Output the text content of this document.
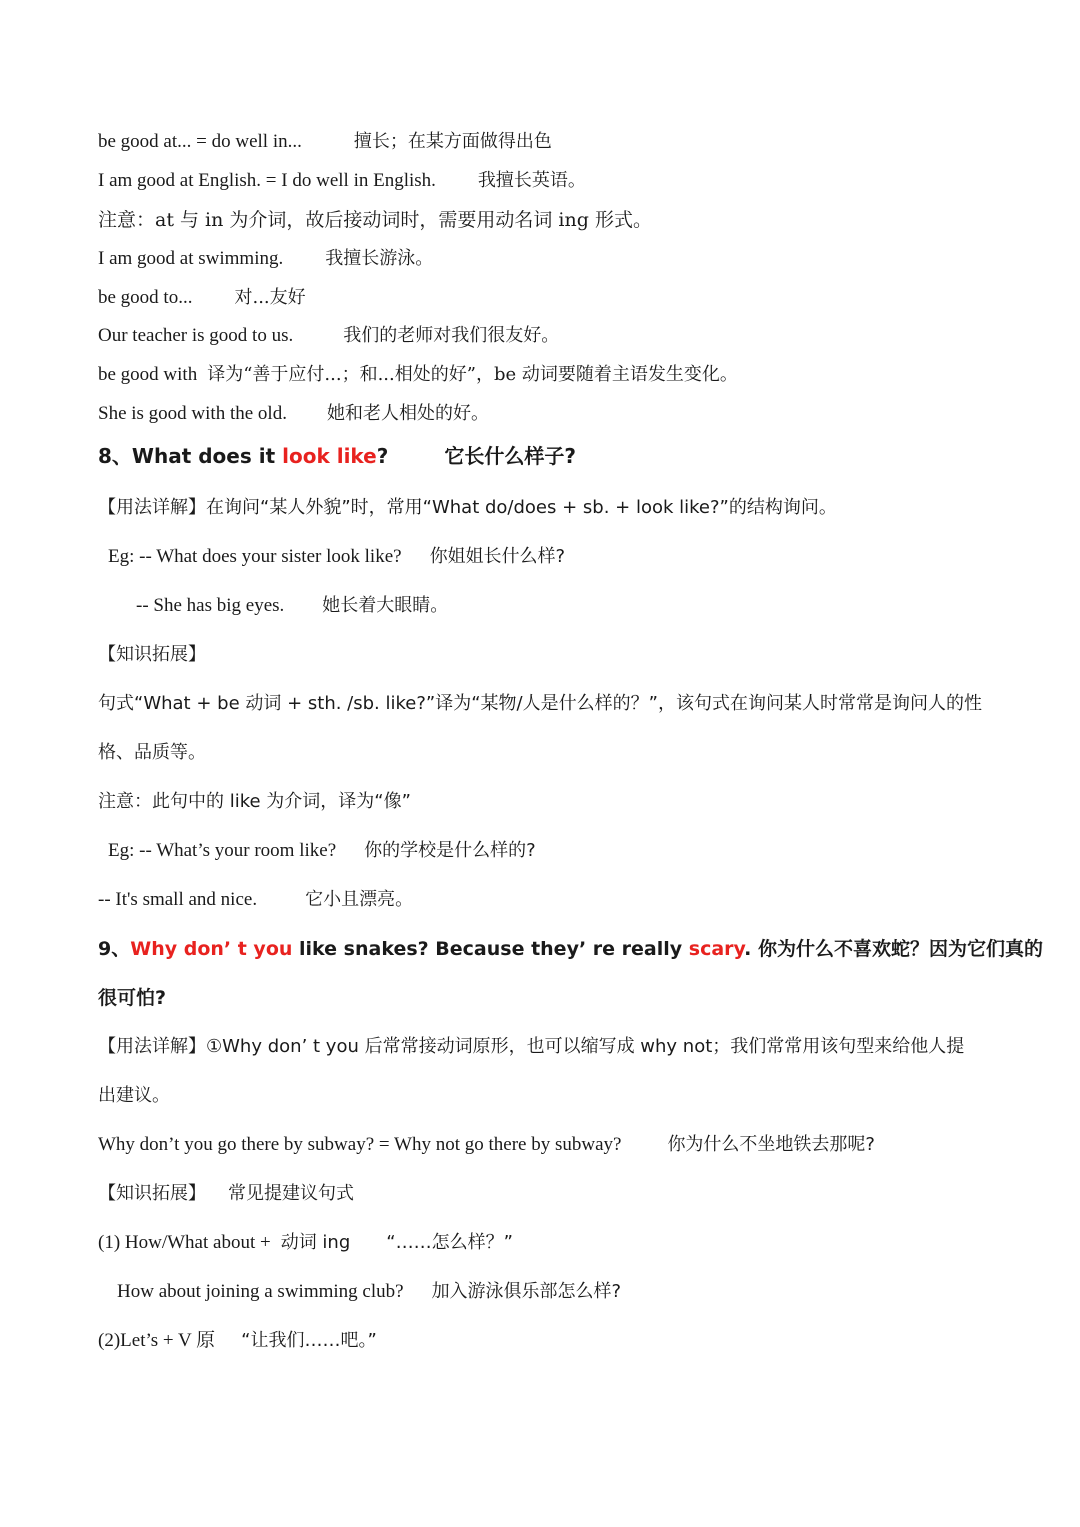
be good at... = do well in...	擅长；在某方面做得出色
I am good at English. = I do well in English. 我擅长英语。
注意：at 与 in 为介词，故后接动词时，需要用动名词 ing 形式。
I am good at swimming. 我擅长游泳。
be good to... 对...友好
Our teacher is good to us.	我们的老师对我们很友好。
be good with 译为“善于应付...；和...相处的好”，be 动词要随着主语发生变化。
She is good with the old. 她和老人相处的好。
8、What does it look like?	它长什么样子?
【用法详解】在询问“某人外貌”时，常用“What do/does + sb. + look like?”的结构询问。
Eg: -- What does your sister look like? 你姐姐长什么样?
-- She has big eyes. 她长着大眼睛。
【知识拓展】
句式“What + be 动词 + sth. /sb. like?”译为“某物/人是什么样的？”，该句式在询问某人时常常是询问人的性
格、品质等。
注意：此句中的 like 为介词，译为“像”
Eg: -- What’s your room like? 你的学校是什么样的?
-- It's small and nice.	它小且漂亮。
9、Why don’ t you like snakes? Because they’ re really scary. 你为什么不喜欢蛇？因为它们真的
很可怕?
【用法详解】①Why don’ t you 后常常接动词原形，也可以缩写成 why not；我们常常用该句型来给他人提
出建议。
Why don’t you go there by subway? = Why not go there by subway?	你为什么不坐地铁去那呢?
【知识拓展】 常见提建议句式
(1) How/What about + 动词 ing “……怎么样？”
How about joining a swimming club? 加入游泳俱乐部怎么样?
(2)Let’s + V 原 “让我们……吧。”
